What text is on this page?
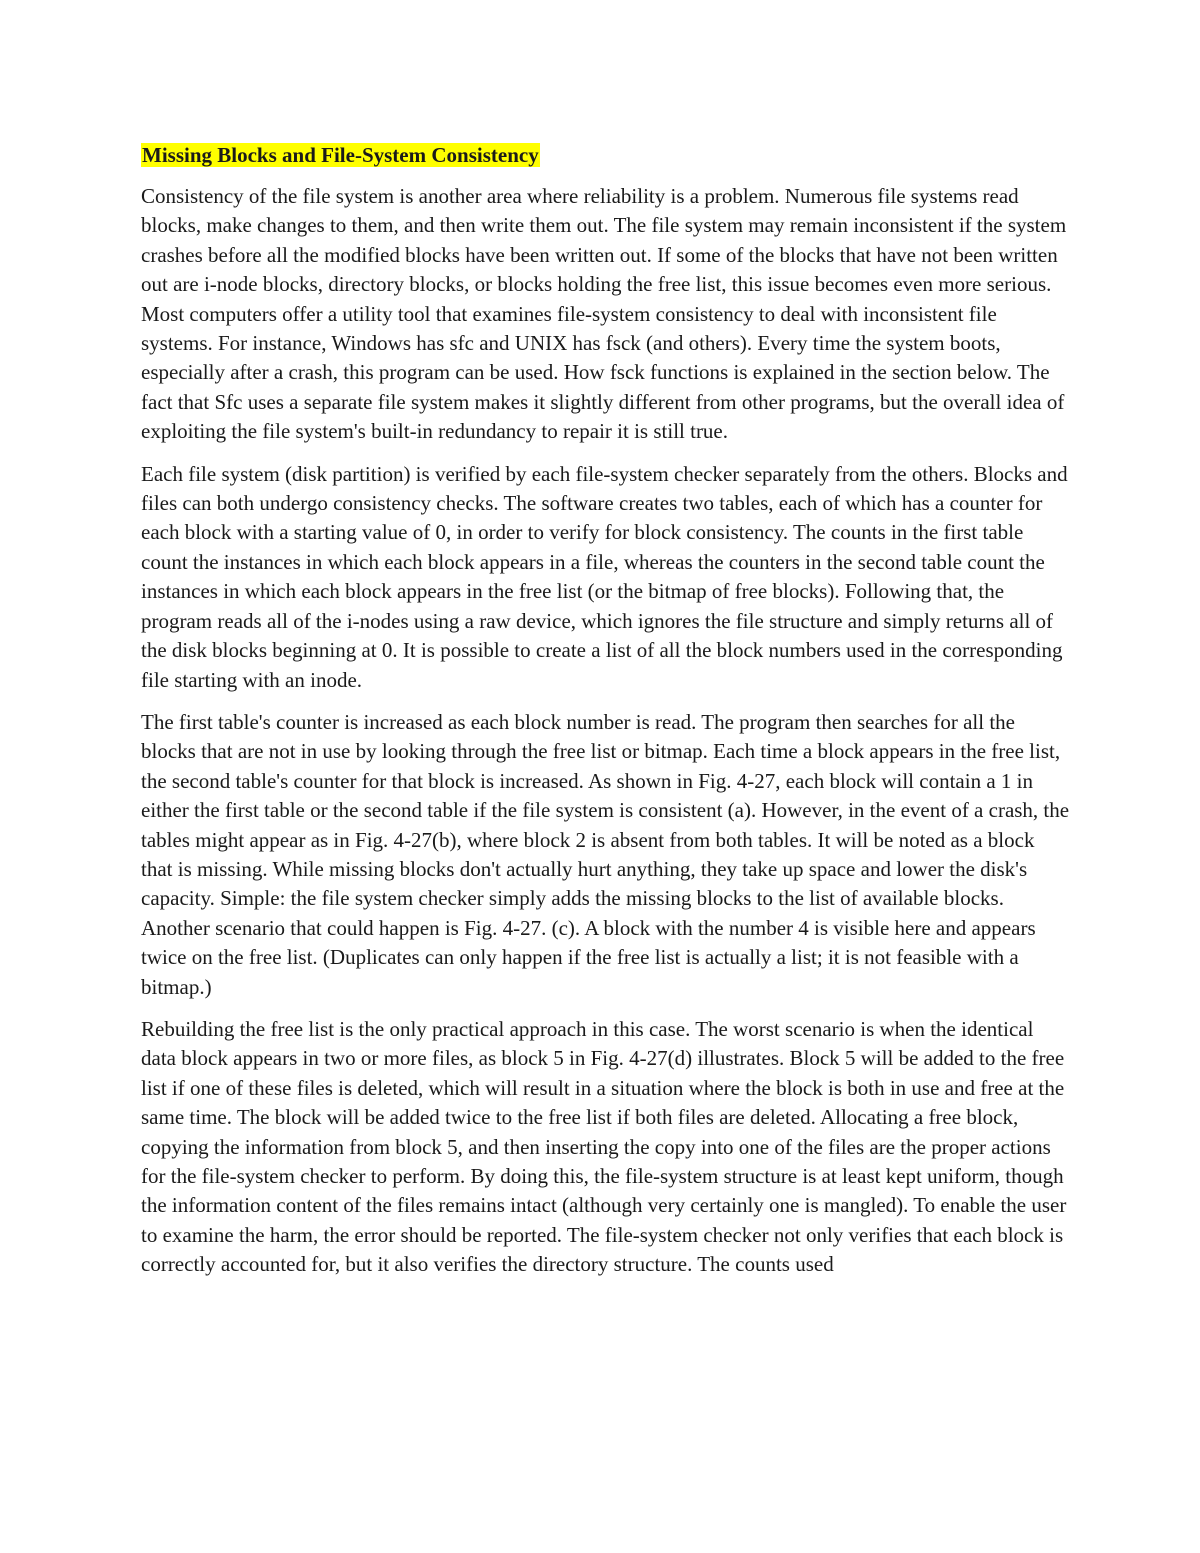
Missing Blocks and File-System Consistency

Consistency of the file system is another area where reliability is a problem. Numerous file systems read blocks, make changes to them, and then write them out. The file system may remain inconsistent if the system crashes before all the modified blocks have been written out. If some of the blocks that have not been written out are i-node blocks, directory blocks, or blocks holding the free list, this issue becomes even more serious. Most computers offer a utility tool that examines file-system consistency to deal with inconsistent file systems. For instance, Windows has sfc and UNIX has fsck (and others). Every time the system boots, especially after a crash, this program can be used. How fsck functions is explained in the section below. The fact that Sfc uses a separate file system makes it slightly different from other programs, but the overall idea of exploiting the file system's built-in redundancy to repair it is still true.

Each file system (disk partition) is verified by each file-system checker separately from the others. Blocks and files can both undergo consistency checks. The software creates two tables, each of which has a counter for each block with a starting value of 0, in order to verify for block consistency. The counts in the first table count the instances in which each block appears in a file, whereas the counters in the second table count the instances in which each block appears in the free list (or the bitmap of free blocks). Following that, the program reads all of the i-nodes using a raw device, which ignores the file structure and simply returns all of the disk blocks beginning at 0. It is possible to create a list of all the block numbers used in the corresponding file starting with an inode.

The first table's counter is increased as each block number is read. The program then searches for all the blocks that are not in use by looking through the free list or bitmap. Each time a block appears in the free list, the second table's counter for that block is increased. As shown in Fig. 4-27, each block will contain a 1 in either the first table or the second table if the file system is consistent (a). However, in the event of a crash, the tables might appear as in Fig. 4-27(b), where block 2 is absent from both tables. It will be noted as a block that is missing. While missing blocks don't actually hurt anything, they take up space and lower the disk's capacity. Simple: the file system checker simply adds the missing blocks to the list of available blocks. Another scenario that could happen is Fig. 4-27. (c). A block with the number 4 is visible here and appears twice on the free list. (Duplicates can only happen if the free list is actually a list; it is not feasible with a bitmap.)

Rebuilding the free list is the only practical approach in this case. The worst scenario is when the identical data block appears in two or more files, as block 5 in Fig. 4-27(d) illustrates. Block 5 will be added to the free list if one of these files is deleted, which will result in a situation where the block is both in use and free at the same time. The block will be added twice to the free list if both files are deleted. Allocating a free block, copying the information from block 5, and then inserting the copy into one of the files are the proper actions for the file-system checker to perform. By doing this, the file-system structure is at least kept uniform, though the information content of the files remains intact (although very certainly one is mangled). To enable the user to examine the harm, the error should be reported. The file-system checker not only verifies that each block is correctly accounted for, but it also verifies the directory structure. The counts used
